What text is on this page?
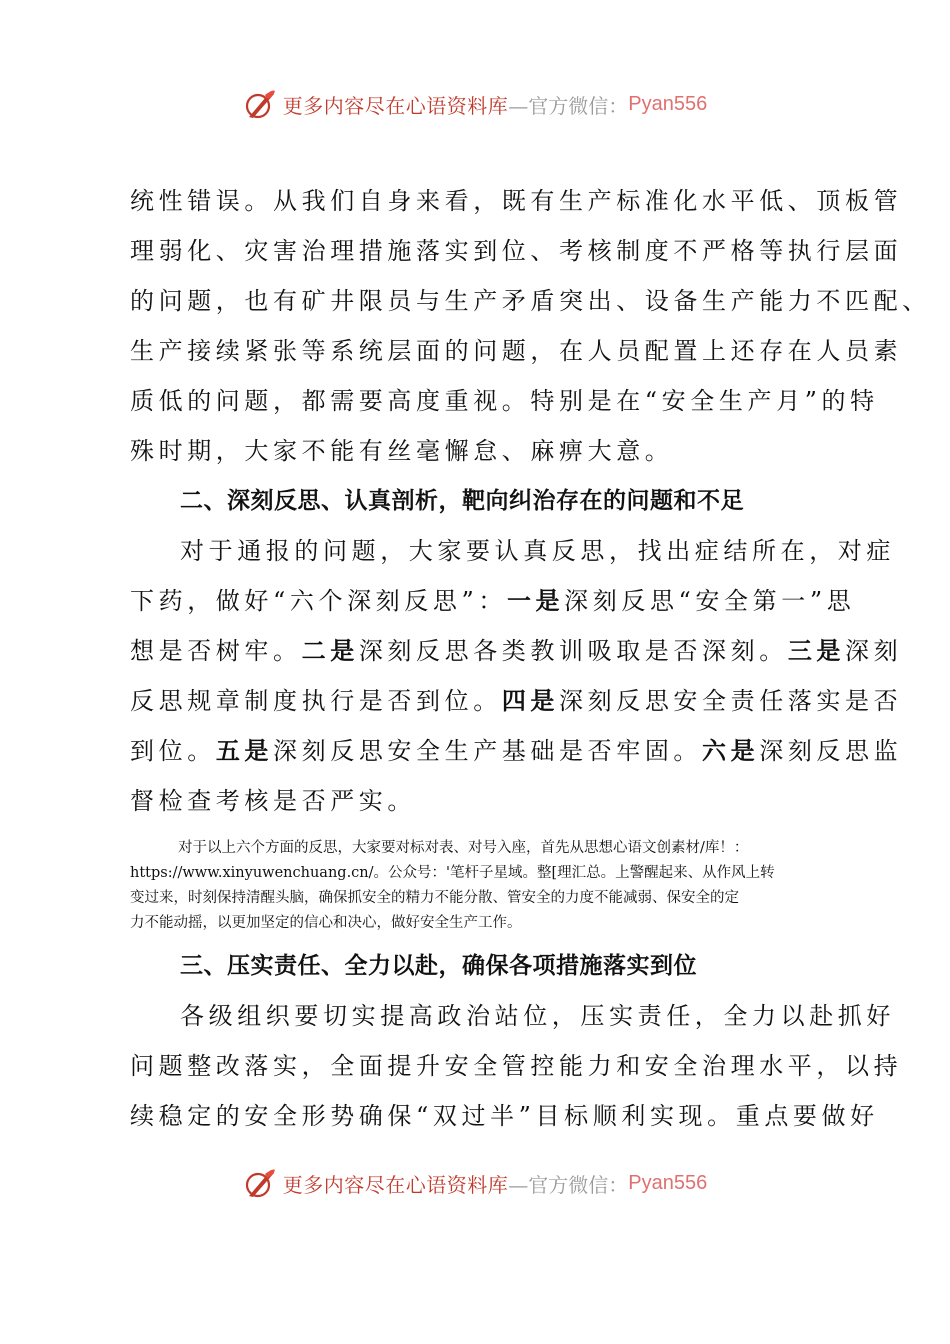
更多内容尽在心语资料库 —官方微信： Pyan556
统性错误。从我们自身来看，既有生产标准化水平低、顶板管
理弱化、灾害治理措施落实到位、考核制度不严格等执行层面
的问题，也有矿井限员与生产矛盾突出、设备生产能力不匹配、
生产接续紧张等系统层面的问题，在人员配置上还存在人员素
质低的问题，都需要高度重视。特别是在“安全生产月”的特
殊时期，大家不能有丝毫懈怠、麻痹大意。
二、深刻反思、认真剖析，靶向纠治存在的问题和不足
对于通报的问题，大家要认真反思，找出症结所在，对症
下药，做好“六个深刻反思”：一是深刻反思“安全第一”思
想是否树牢。二是深刻反思各类教训吸取是否深刻。三是深刻
反思规章制度执行是否到位。四是深刻反思安全责任落实是否
到位。五是深刻反思安全生产基础是否牢固。六是深刻反思监
督检查考核是否严实。
对于以上六个方面的反思，大家要对标对表、对号入座，首先从思想心语文创素材/库！：
https://www.xinyuwenchuang.cn/。公众号：'笔杆子星域。整[理汇总。上警醒起来、从作风上转
变过来，时刻保持清醒头脑，确保抓安全的精力不能分散、管安全的力度不能减弱、保安全的定
力不能动摇，以更加坚定的信心和决心，做好安全生产工作。
三、压实责任、全力以赴，确保各项措施落实到位
各级组织要切实提高政治站位，压实责任，全力以赴抓好
问题整改落实，全面提升安全管控能力和安全治理水平，以持
续稳定的安全形势确保“双过半”目标顺利实现。重点要做好
更多内容尽在心语资料库 —官方微信： Pyan556
